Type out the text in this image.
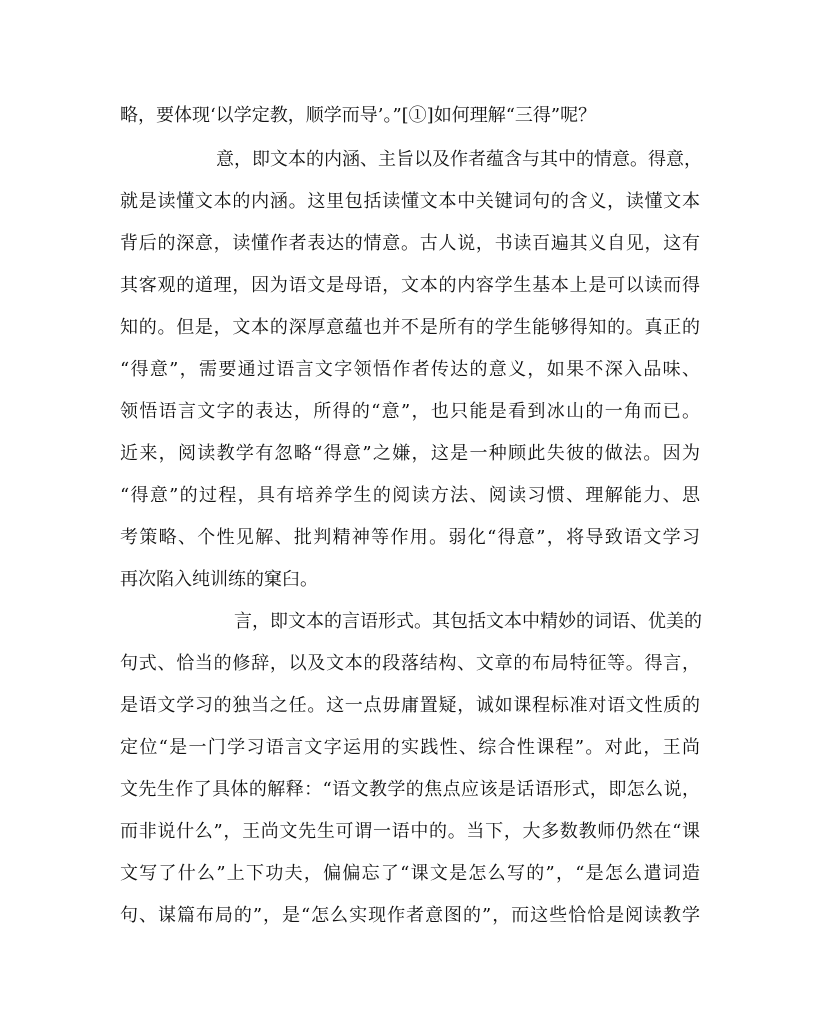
略，要体现‘以学定教，顺学而导’。”[①]如何理解“三得”呢？
意，即文本的内涵、主旨以及作者蕴含与其中的情意。得意，
就是读懂文本的内涵。这里包括读懂文本中关键词句的含义，读懂文本
背后的深意，读懂作者表达的情意。古人说，书读百遍其义自见，这有
其客观的道理，因为语文是母语，文本的内容学生基本上是可以读而得
知的。但是，文本的深厚意蕴也并不是所有的学生能够得知的。真正的
“得意”，需要通过语言文字领悟作者传达的意义，如果不深入品味、
领悟语言文字的表达，所得的“意”，也只能是看到冰山的一角而已。
近来，阅读教学有忽略“得意”之嫌，这是一种顾此失彼的做法。因为
“得意”的过程，具有培养学生的阅读方法、阅读习惯、理解能力、思
考策略、个性见解、批判精神等作用。弱化“得意”，将导致语文学习
再次陷入纯训练的窠臼。
言，即文本的言语形式。其包括文本中精妙的词语、优美的
句式、恰当的修辞，以及文本的段落结构、文章的布局特征等。得言，
是语文学习的独当之任。这一点毋庸置疑，诚如课程标准对语文性质的
定位“是一门学习语言文字运用的实践性、综合性课程”。对此，王尚
文先生作了具体的解释：“语文教学的焦点应该是话语形式，即怎么说，
而非说什么”，王尚文先生可谓一语中的。当下，大多数教师仍然在“课
文写了什么”上下功夫，偏偏忘了“课文是怎么写的”，“是怎么遣词造
句、谋篇布局的”，是“怎么实现作者意图的”，而这些恰恰是阅读教学
